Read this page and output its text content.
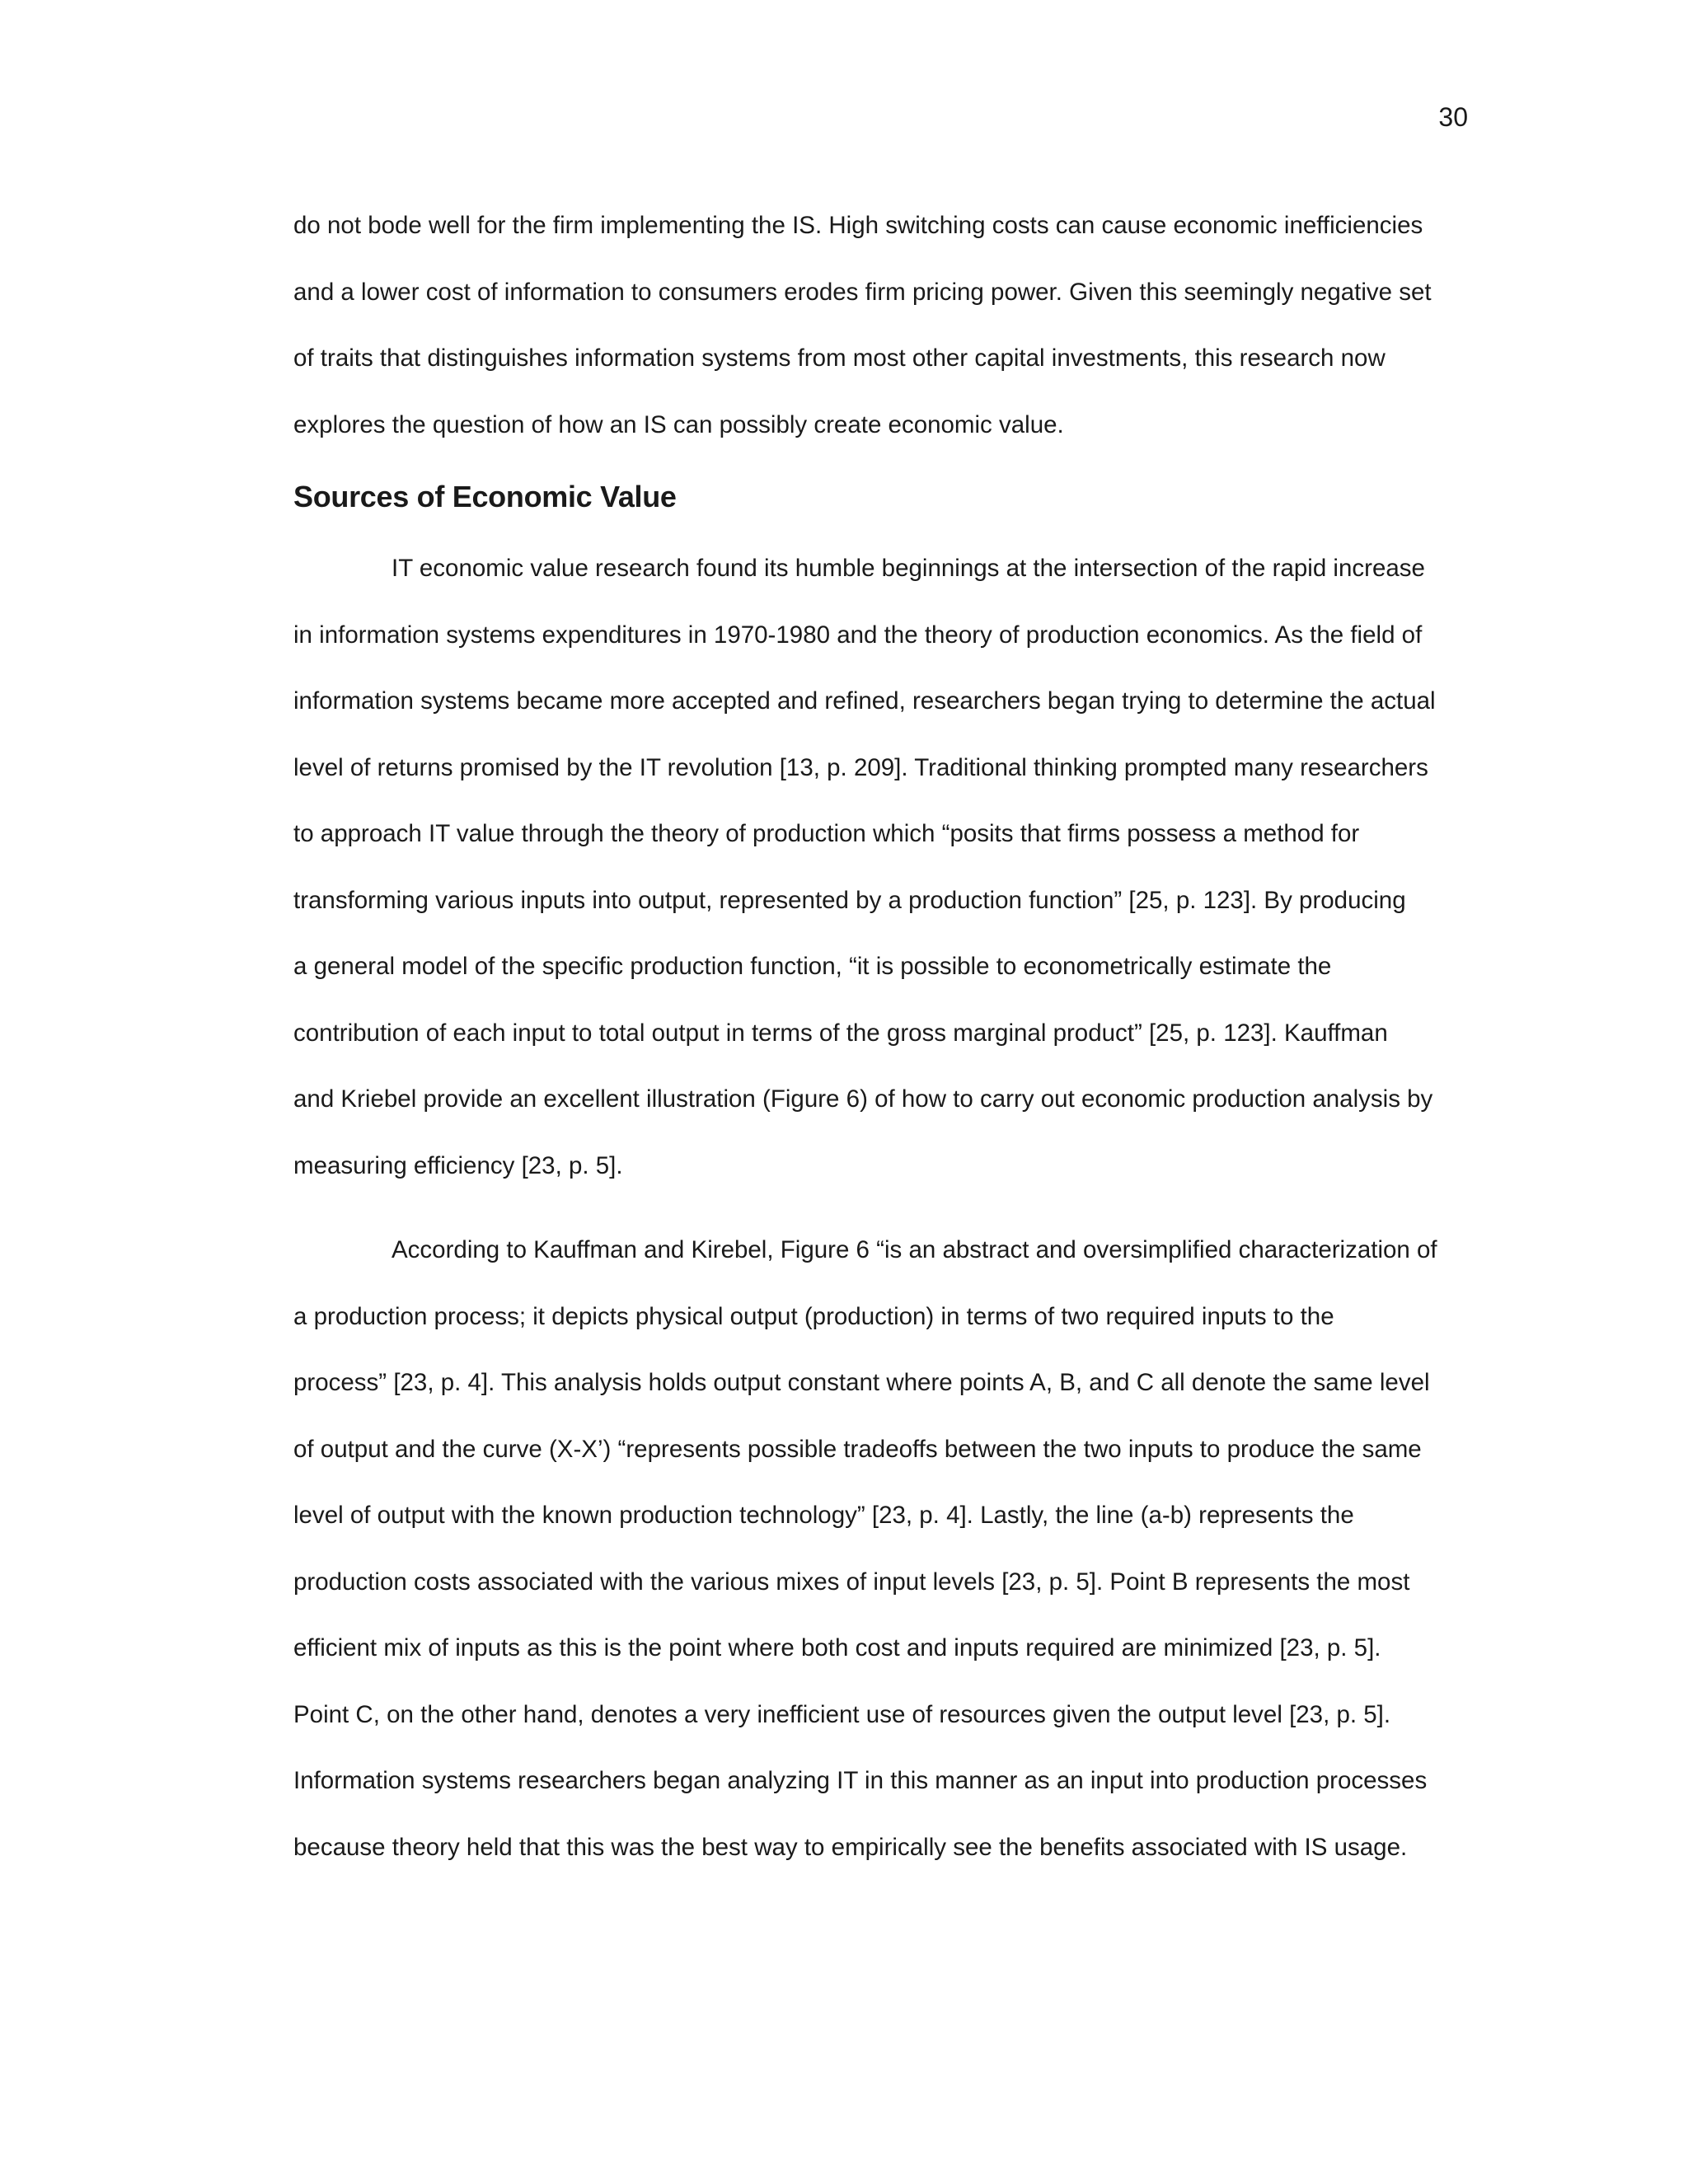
30
do not bode well for the firm implementing the IS. High switching costs can cause economic inefficiencies
and a lower cost of information to consumers erodes firm pricing power. Given this seemingly negative set
of traits that distinguishes information systems from most other capital investments, this research now
explores the question of how an IS can possibly create economic value.
Sources of Economic Value
IT economic value research found its humble beginnings at the intersection of the rapid increase
in information systems expenditures in 1970-1980 and the theory of production economics. As the field of
information systems became more accepted and refined, researchers began trying to determine the actual
level of returns promised by the IT revolution [13, p. 209]. Traditional thinking prompted many researchers
to approach IT value through the theory of production which “posits that firms possess a method for
transforming various inputs into output, represented by a production function” [25, p. 123]. By producing
a general model of the specific production function, “it is possible to econometrically estimate the
contribution of each input to total output in terms of the gross marginal product” [25, p. 123]. Kauffman
and Kriebel provide an excellent illustration (Figure 6) of how to carry out economic production analysis by
measuring efficiency [23, p. 5].
According to Kauffman and Kirebel, Figure 6 “is an abstract and oversimplified characterization of
a production process; it depicts physical output (production) in terms of two required inputs to the
process” [23, p. 4]. This analysis holds output constant where points A, B, and C all denote the same level
of output and the curve (X-X’) “represents possible tradeoffs between the two inputs to produce the same
level of output with the known production technology” [23, p. 4]. Lastly, the line (a-b) represents the
production costs associated with the various mixes of input levels [23, p. 5]. Point B represents the most
efficient mix of inputs as this is the point where both cost and inputs required are minimized [23, p. 5].
Point C, on the other hand, denotes a very inefficient use of resources given the output level [23, p. 5].
Information systems researchers began analyzing IT in this manner as an input into production processes
because theory held that this was the best way to empirically see the benefits associated with IS usage.
